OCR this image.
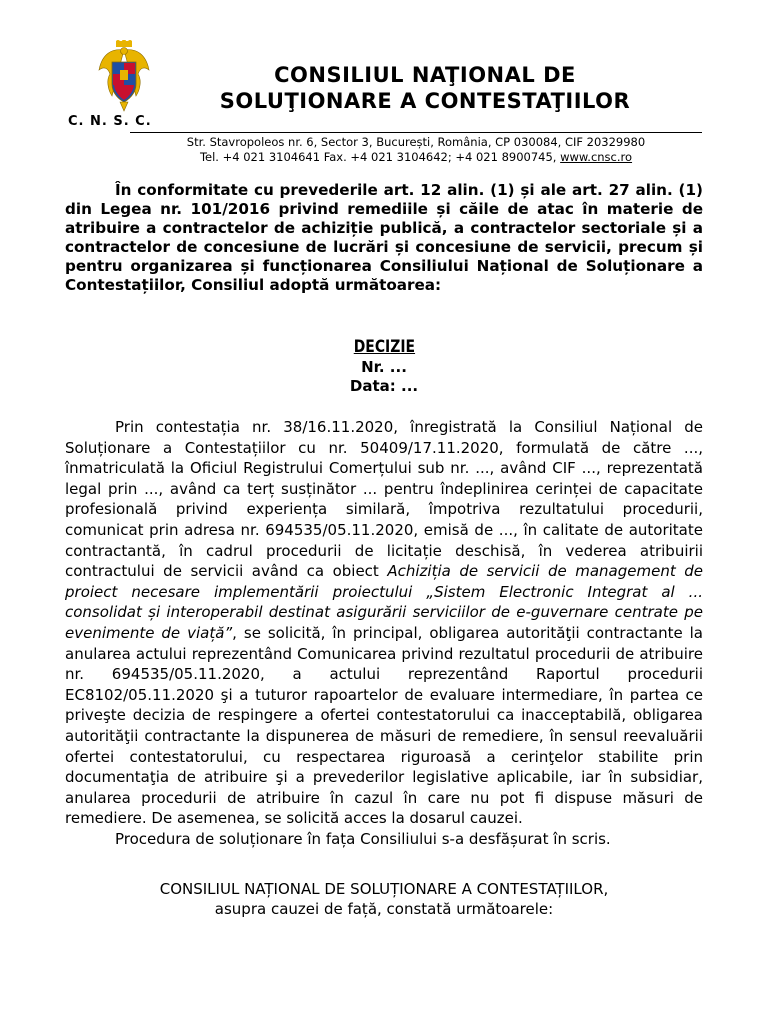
C. N. S. C.
CONSILIUL NAŢIONAL DE
SOLUŢIONARE A CONTESTAŢIILOR
Str. Stavropoleos nr. 6, Sector 3, București, România, CP 030084, CIF 20329980
Tel. +4 021 3104641 Fax. +4 021 3104642; +4 021 8900745, www.cnsc.ro
În conformitate cu prevederile art. 12 alin. (1) și ale art. 27 alin. (1) din Legea nr. 101/2016 privind remediile și căile de atac în materie de atribuire a contractelor de achiziție publică, a contractelor sectoriale și a contractelor de concesiune de lucrări și concesiune de servicii, precum și pentru organizarea și funcționarea Consiliului Național de Soluționare a Contestațiilor, Consiliul adoptă următoarea:
DECIZIE
Nr. ...
Data: ...

Prin contestația nr. 38/16.11.2020, înregistrată la Consiliul Național de Soluționare a Contestațiilor cu nr. 50409/17.11.2020, formulată de către ..., înmatriculată la Oficiul Registrului Comerțului sub nr. ..., având CIF ..., reprezentată legal prin ..., având ca terț susținător ... pentru îndeplinirea cerinței de capacitate profesională privind experiența similară, împotriva rezultatului procedurii, comunicat prin adresa nr. 694535/05.11.2020, emisă de ..., în calitate de autoritate contractantă, în cadrul procedurii de licitație deschisă, în vederea atribuirii contractului de servicii având ca obiect Achiziția de servicii de management de proiect necesare implementării proiectului „Sistem Electronic Integrat al ... consolidat și interoperabil destinat asigurării serviciilor de e-guvernare centrate pe evenimente de viață”, se solicită, în principal, obligarea autorităţii contractante la anularea actului reprezentând Comunicarea privind rezultatul procedurii de atribuire nr. 694535/05.11.2020, a actului reprezentând Raportul procedurii EC8102/05.11.2020 şi a tuturor rapoartelor de evaluare intermediare, în partea ce priveşte decizia de respingere a ofertei contestatorului ca inacceptabilă, obligarea autorităţii contractante la dispunerea de măsuri de remediere, în sensul reevaluării ofertei contestatorului, cu respectarea riguroasă a cerinţelor stabilite prin documentaţia de atribuire şi a prevederilor legislative aplicabile, iar în subsidiar, anularea procedurii de atribuire în cazul în care nu pot fi dispuse măsuri de remediere. De asemenea, se solicită acces la dosarul cauzei.

Procedura de soluționare în fața Consiliului s-a desfășurat în scris.

CONSILIUL NAȚIONAL DE SOLUȚIONARE A CONTESTAȚIILOR,
asupra cauzei de față, constată următoarele:
